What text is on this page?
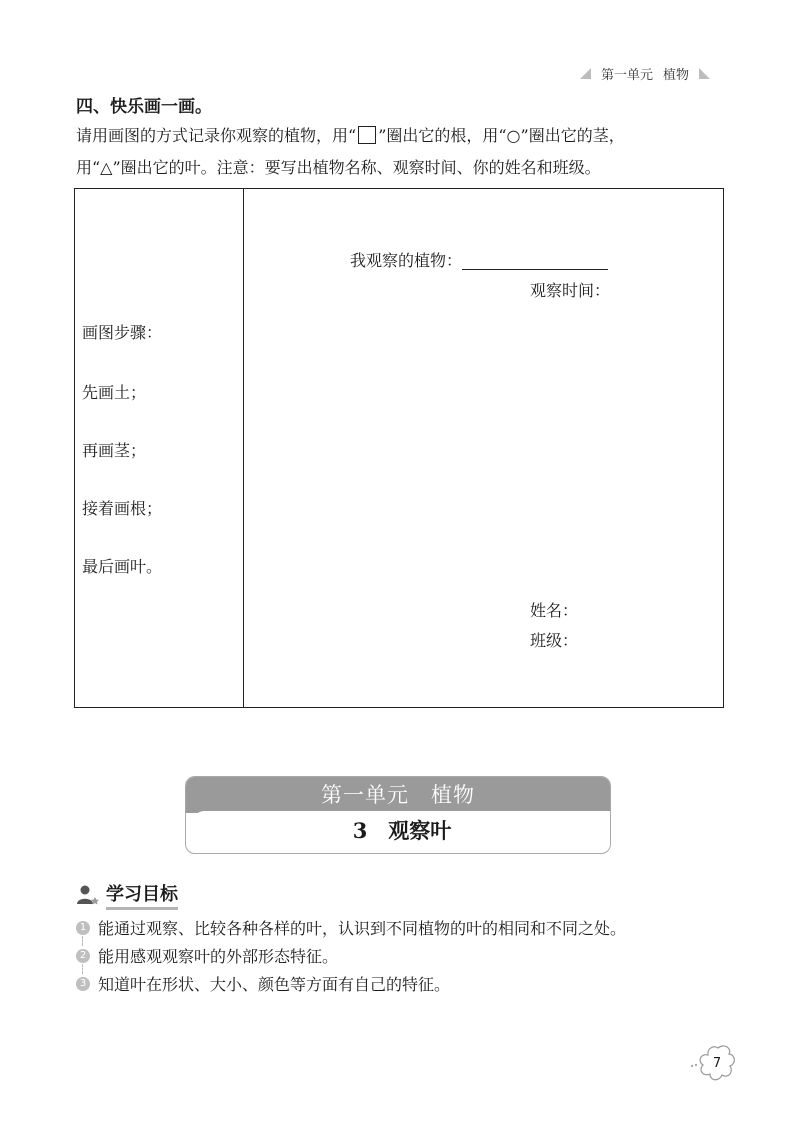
第一单元 植物
四、快乐画一画。
请用画图的方式记录你观察的植物，用“ ”圈出它的根，用“○”圈出它的茎，
用“△”圈出它的叶。注意：要写出植物名称、观察时间、你的姓名和班级。
画图步骤：
先画土；
再画茎；
接着画根；
最后画叶。
我观察的植物：
观察时间：
姓名：
班级：
第一单元　植物
3　观察叶
学习目标
1 能通过观察、比较各种各样的叶，认识到不同植物的叶的相同和不同之处。
2 能用感观观察叶的外部形态特征。
3 知道叶在形状、大小、颜色等方面有自己的特征。
7
